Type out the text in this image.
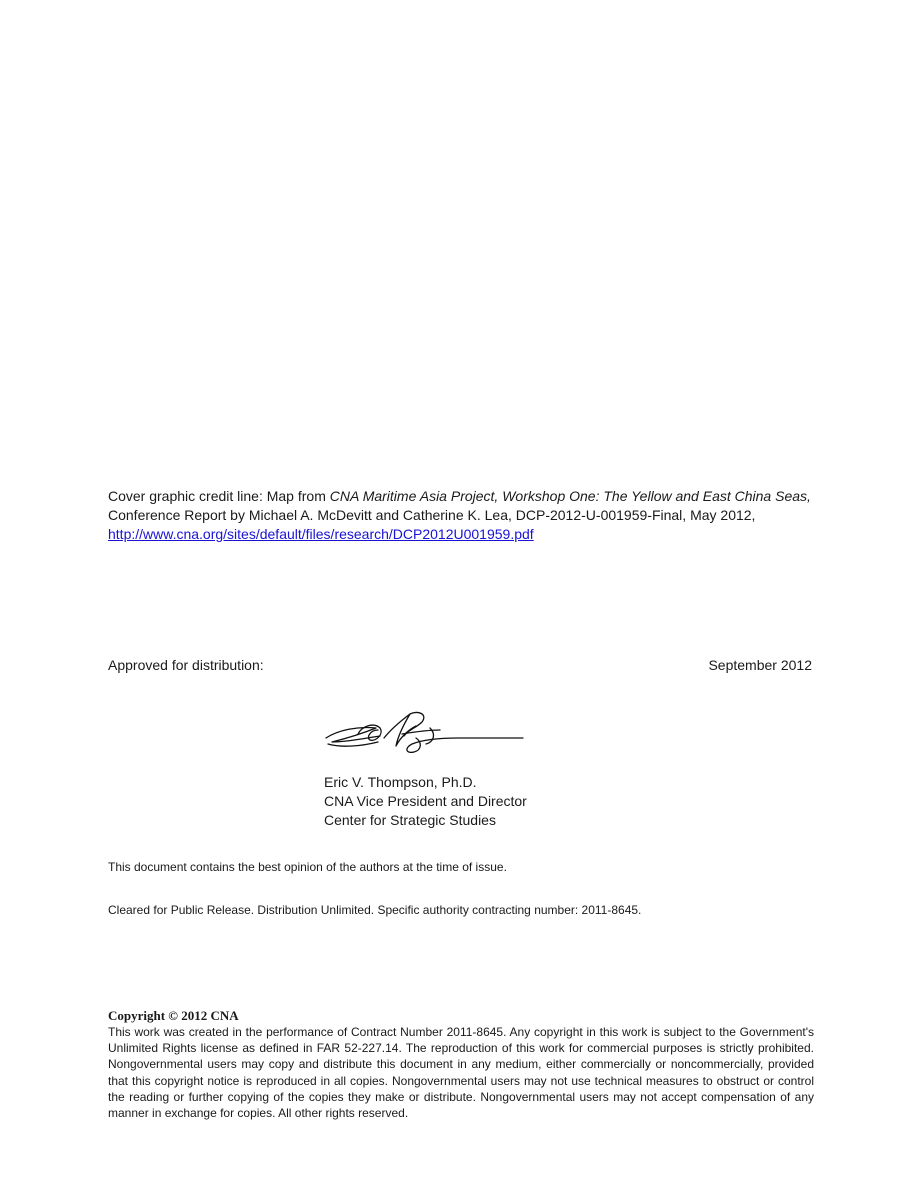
Cover graphic credit line: Map from CNA Maritime Asia Project, Workshop One: The Yellow and East China Seas,
Conference Report by Michael A. McDevitt and Catherine K. Lea, DCP-2012-U-001959-Final, May 2012,
http://www.cna.org/sites/default/files/research/DCP2012U001959.pdf
Approved for distribution:	September 2012
Eric V. Thompson, Ph.D.
CNA Vice President and Director
Center for Strategic Studies
This document contains the best opinion of the authors at the time of issue.
Cleared for Public Release. Distribution Unlimited. Specific authority contracting number: 2011-8645.
Copyright © 2012 CNA
This work was created in the performance of Contract Number 2011-8645. Any copyright in this work is subject to the Government's Unlimited Rights license as defined in FAR 52-227.14. The reproduction of this work for commercial purposes is strictly prohibited. Nongovernmental users may copy and distribute this document in any medium, either commercially or noncommercially, provided that this copyright notice is reproduced in all copies. Nongovernmental users may not use technical measures to obstruct or control the reading or further copying of the copies they make or distribute. Nongovernmental users may not accept compensation of any manner in exchange for copies. All other rights reserved.
